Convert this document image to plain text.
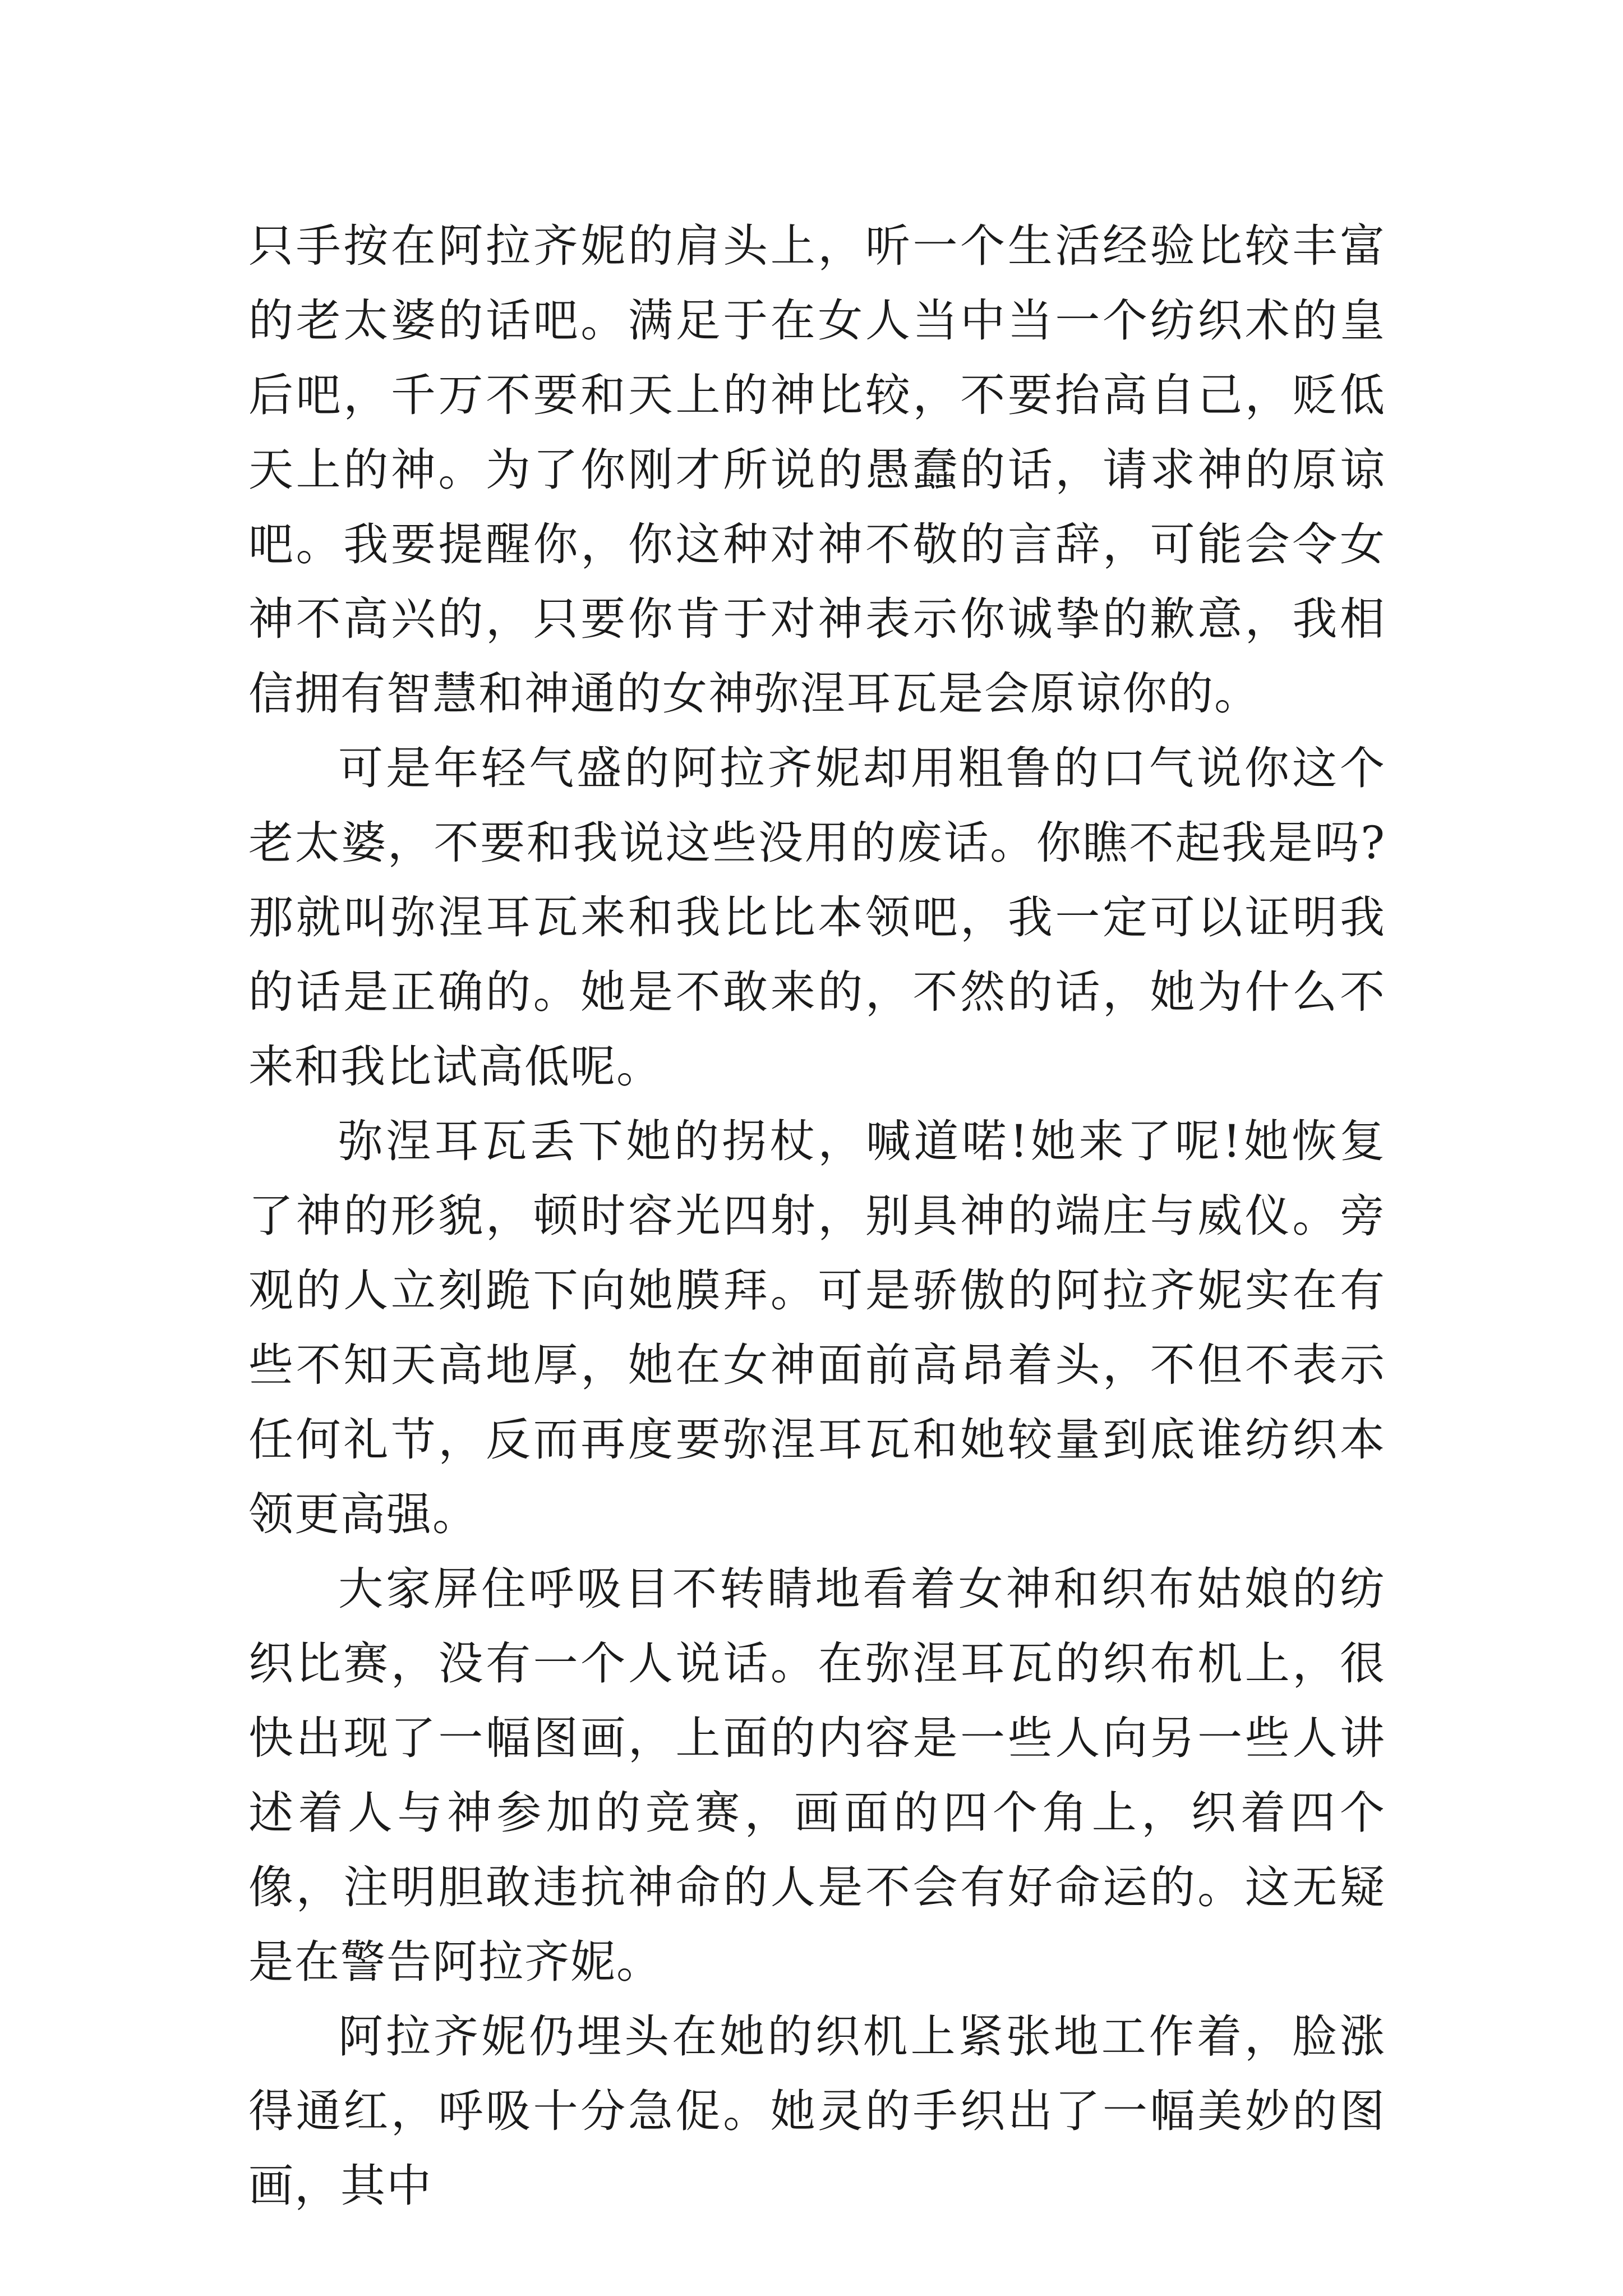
只手按在阿拉齐妮的肩头上，听一个生活经验比较丰富的老太婆的话吧。满足于在女人当中当一个纺织术的皇后吧，千万不要和天上的神比较，不要抬高自己，贬低天上的神。为了你刚才所说的愚蠢的话，请求神的原谅吧。我要提醒你，你这种对神不敬的言辞，可能会令女神不高兴的，只要你肯于对神表示你诚挚的歉意，我相信拥有智慧和神通的女神弥涅耳瓦是会原谅你的。

可是年轻气盛的阿拉齐妮却用粗鲁的口气说你这个老太婆，不要和我说这些没用的废话。你瞧不起我是吗?那就叫弥涅耳瓦来和我比比本领吧，我一定可以证明我的话是正确的。她是不敢来的，不然的话，她为什么不来和我比试高低呢。

弥涅耳瓦丢下她的拐杖，喊道喏!她来了呢!她恢复了神的形貌，顿时容光四射，别具神的端庄与威仪。旁观的人立刻跪下向她膜拜。可是骄傲的阿拉齐妮实在有些不知天高地厚，她在女神面前高昂着头，不但不表示任何礼节，反而再度要弥涅耳瓦和她较量到底谁纺织本领更高强。

大家屏住呼吸目不转睛地看着女神和织布姑娘的纺织比赛，没有一个人说话。在弥涅耳瓦的织布机上，很快出现了一幅图画，上面的内容是一些人向另一些人讲述着人与神参加的竞赛，画面的四个角上，织着四个像，注明胆敢违抗神命的人是不会有好命运的。这无疑是在警告阿拉齐妮。

阿拉齐妮仍埋头在她的织机上紧张地工作着，脸涨得通红，呼吸十分急促。她灵的手织出了一幅美妙的图画，其中
